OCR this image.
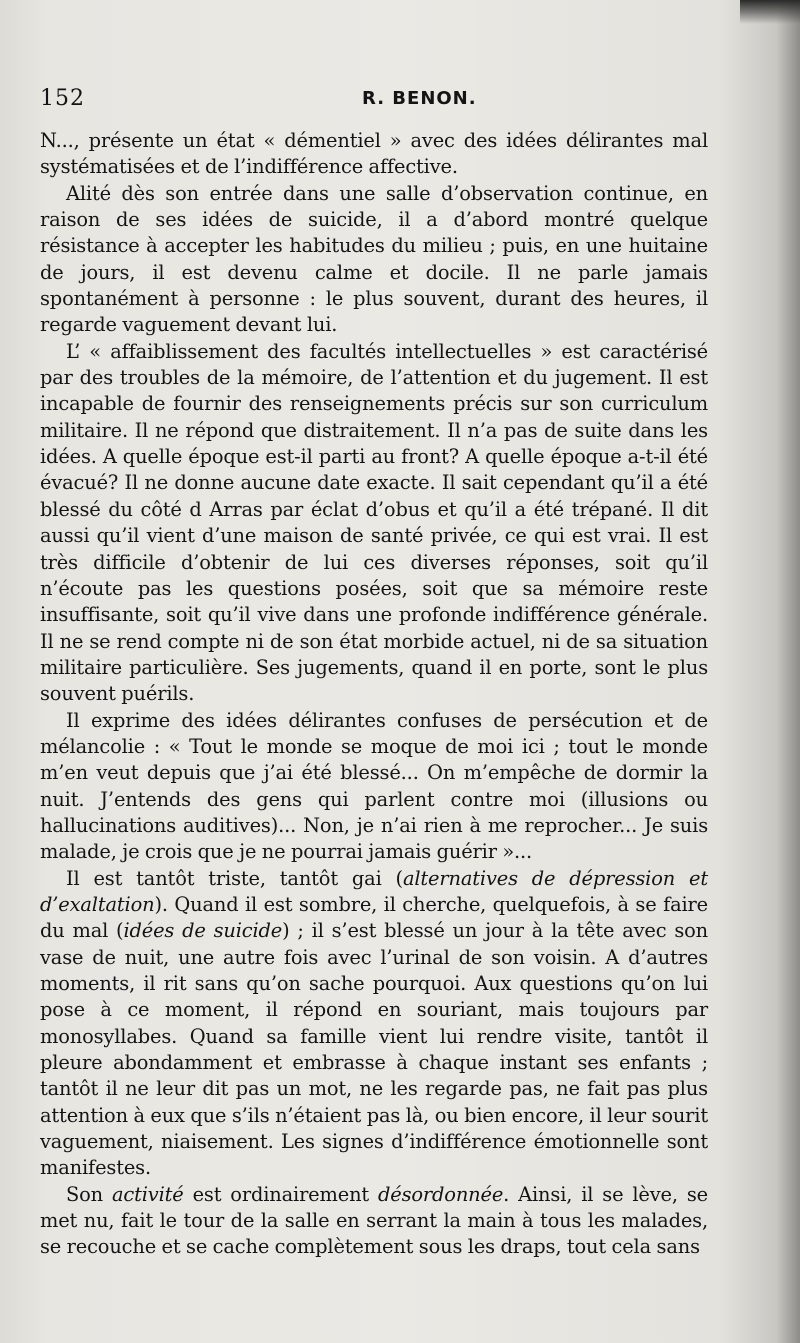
152	R. BENON.

N..., présente un état « démentiel » avec des idées délirantes mal systématisées et de l’indifférence affective.

Alité dès son entrée dans une salle d’observation continue, en raison de ses idées de suicide, il a d’abord montré quelque résistance à accepter les habitudes du milieu ; puis, en une huitaine de jours, il est devenu calme et docile. Il ne parle jamais spontanément à personne : le plus souvent, durant des heures, il regarde vaguement devant lui.

L’ « affaiblissement des facultés intellectuelles » est caractérisé par des troubles de la mémoire, de l’attention et du jugement. Il est incapable de fournir des renseignements précis sur son curriculum militaire. Il ne répond que distraitement. Il n’a pas de suite dans les idées. A quelle époque est-il parti au front? A quelle époque a-t-il été évacué? Il ne donne aucune date exacte. Il sait cependant qu’il a été blessé du côté d Arras par éclat d’obus et qu’il a été trépané. Il dit aussi qu’il vient d’une maison de santé privée, ce qui est vrai. Il est très difficile d’obtenir de lui ces diverses réponses, soit qu’il n’écoute pas les questions posées, soit que sa mémoire reste insuffisante, soit qu’il vive dans une profonde indifférence générale. Il ne se rend compte ni de son état morbide actuel, ni de sa situation militaire particulière. Ses jugements, quand il en porte, sont le plus souvent puérils.

Il exprime des idées délirantes confuses de persécution et de mélancolie : « Tout le monde se moque de moi ici ; tout le monde m’en veut depuis que j’ai été blessé... On m’empêche de dormir la nuit. J’entends des gens qui parlent contre moi (illusions ou hallucinations auditives)... Non, je n’ai rien à me reprocher... Je suis malade, je crois que je ne pourrai jamais guérir »...

Il est tantôt triste, tantôt gai (alternatives de dépression et d’exaltation). Quand il est sombre, il cherche, quelquefois, à se faire du mal (idées de suicide) ; il s’est blessé un jour à la tête avec son vase de nuit, une autre fois avec l’urinal de son voisin. A d’autres moments, il rit sans qu’on sache pourquoi. Aux questions qu’on lui pose à ce moment, il répond en souriant, mais toujours par monosyllabes. Quand sa famille vient lui rendre visite, tantôt il pleure abondamment et embrasse à chaque instant ses enfants ; tantôt il ne leur dit pas un mot, ne les regarde pas, ne fait pas plus attention à eux que s’ils n’étaient pas là, ou bien encore, il leur sourit vaguement, niaisement. Les signes d’indifférence émotionnelle sont manifestes.

Son activité est ordinairement désordonnée. Ainsi, il se lève, se met nu, fait le tour de la salle en serrant la main à tous les malades, se recouche et se cache complètement sous les draps, tout cela sans
